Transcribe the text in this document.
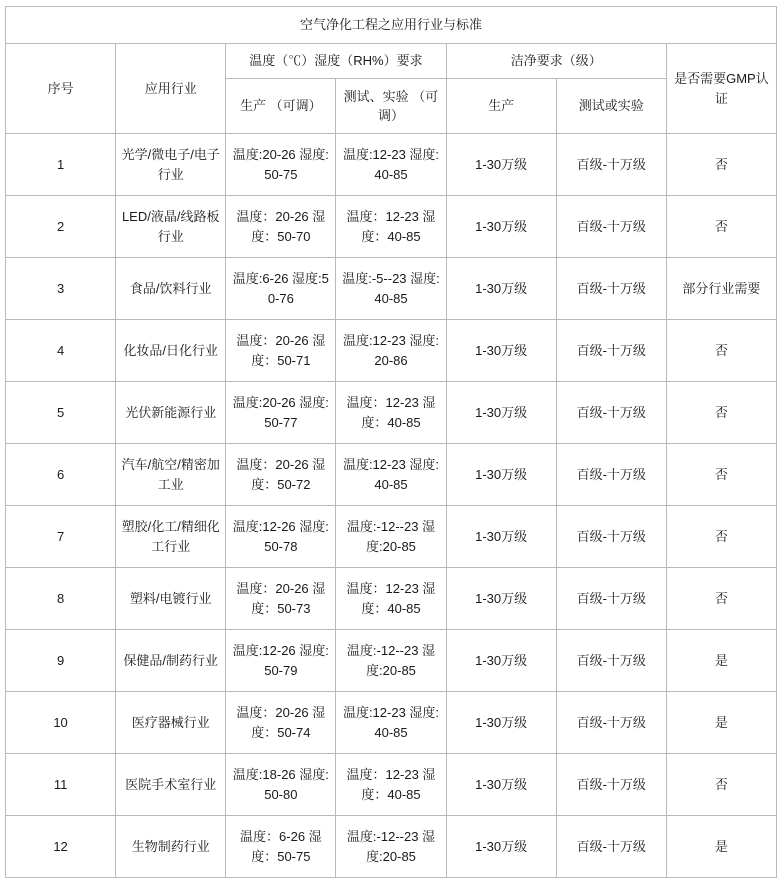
空气净化工程之应用行业与标准						
序号	应用行业	温度（℃）湿度（RH%）要求		洁净要求（级）		是否需要GMP认证
		生产 （可调）	测试、实验 （可调）	生产	测试或实验	
1	光学/微电子/电子行业	温度:20-26 湿度:50-75	温度:12-23 湿度:40-85	1-30万级	百级-十万级	否
2	LED/液晶/线路板行业	温度：20-26 湿度：50-70	温度：12-23 湿度：40-85	1-30万级	百级-十万级	否
3	食品/饮料行业	温度:6-26 湿度:50-76	温度:-5--23 湿度:40-85	1-30万级	百级-十万级	部分行业需要
4	化妆品/日化行业	温度：20-26 湿度：50-71	温度:12-23 湿度:20-86	1-30万级	百级-十万级	否
5	光伏新能源行业	温度:20-26 湿度:50-77	温度：12-23 湿度：40-85	1-30万级	百级-十万级	否
6	汽车/航空/精密加工业	温度：20-26 湿度：50-72	温度:12-23 湿度:40-85	1-30万级	百级-十万级	否
7	塑胶/化工/精细化工行业	温度:12-26 湿度:50-78	温度:-12--23 湿度:20-85	1-30万级	百级-十万级	否
8	塑料/电镀行业	温度：20-26 湿度：50-73	温度：12-23 湿度：40-85	1-30万级	百级-十万级	否
9	保健品/制药行业	温度:12-26 湿度:50-79	温度:-12--23 湿度:20-85	1-30万级	百级-十万级	是
10	医疗器械行业	温度：20-26 湿度：50-74	温度:12-23 湿度:40-85	1-30万级	百级-十万级	是
11	医院手术室行业	温度:18-26 湿度:50-80	温度：12-23 湿度：40-85	1-30万级	百级-十万级	否
12	生物制药行业	温度：6-26 湿度：50-75	温度:-12--23 湿度:20-85	1-30万级	百级-十万级	是
